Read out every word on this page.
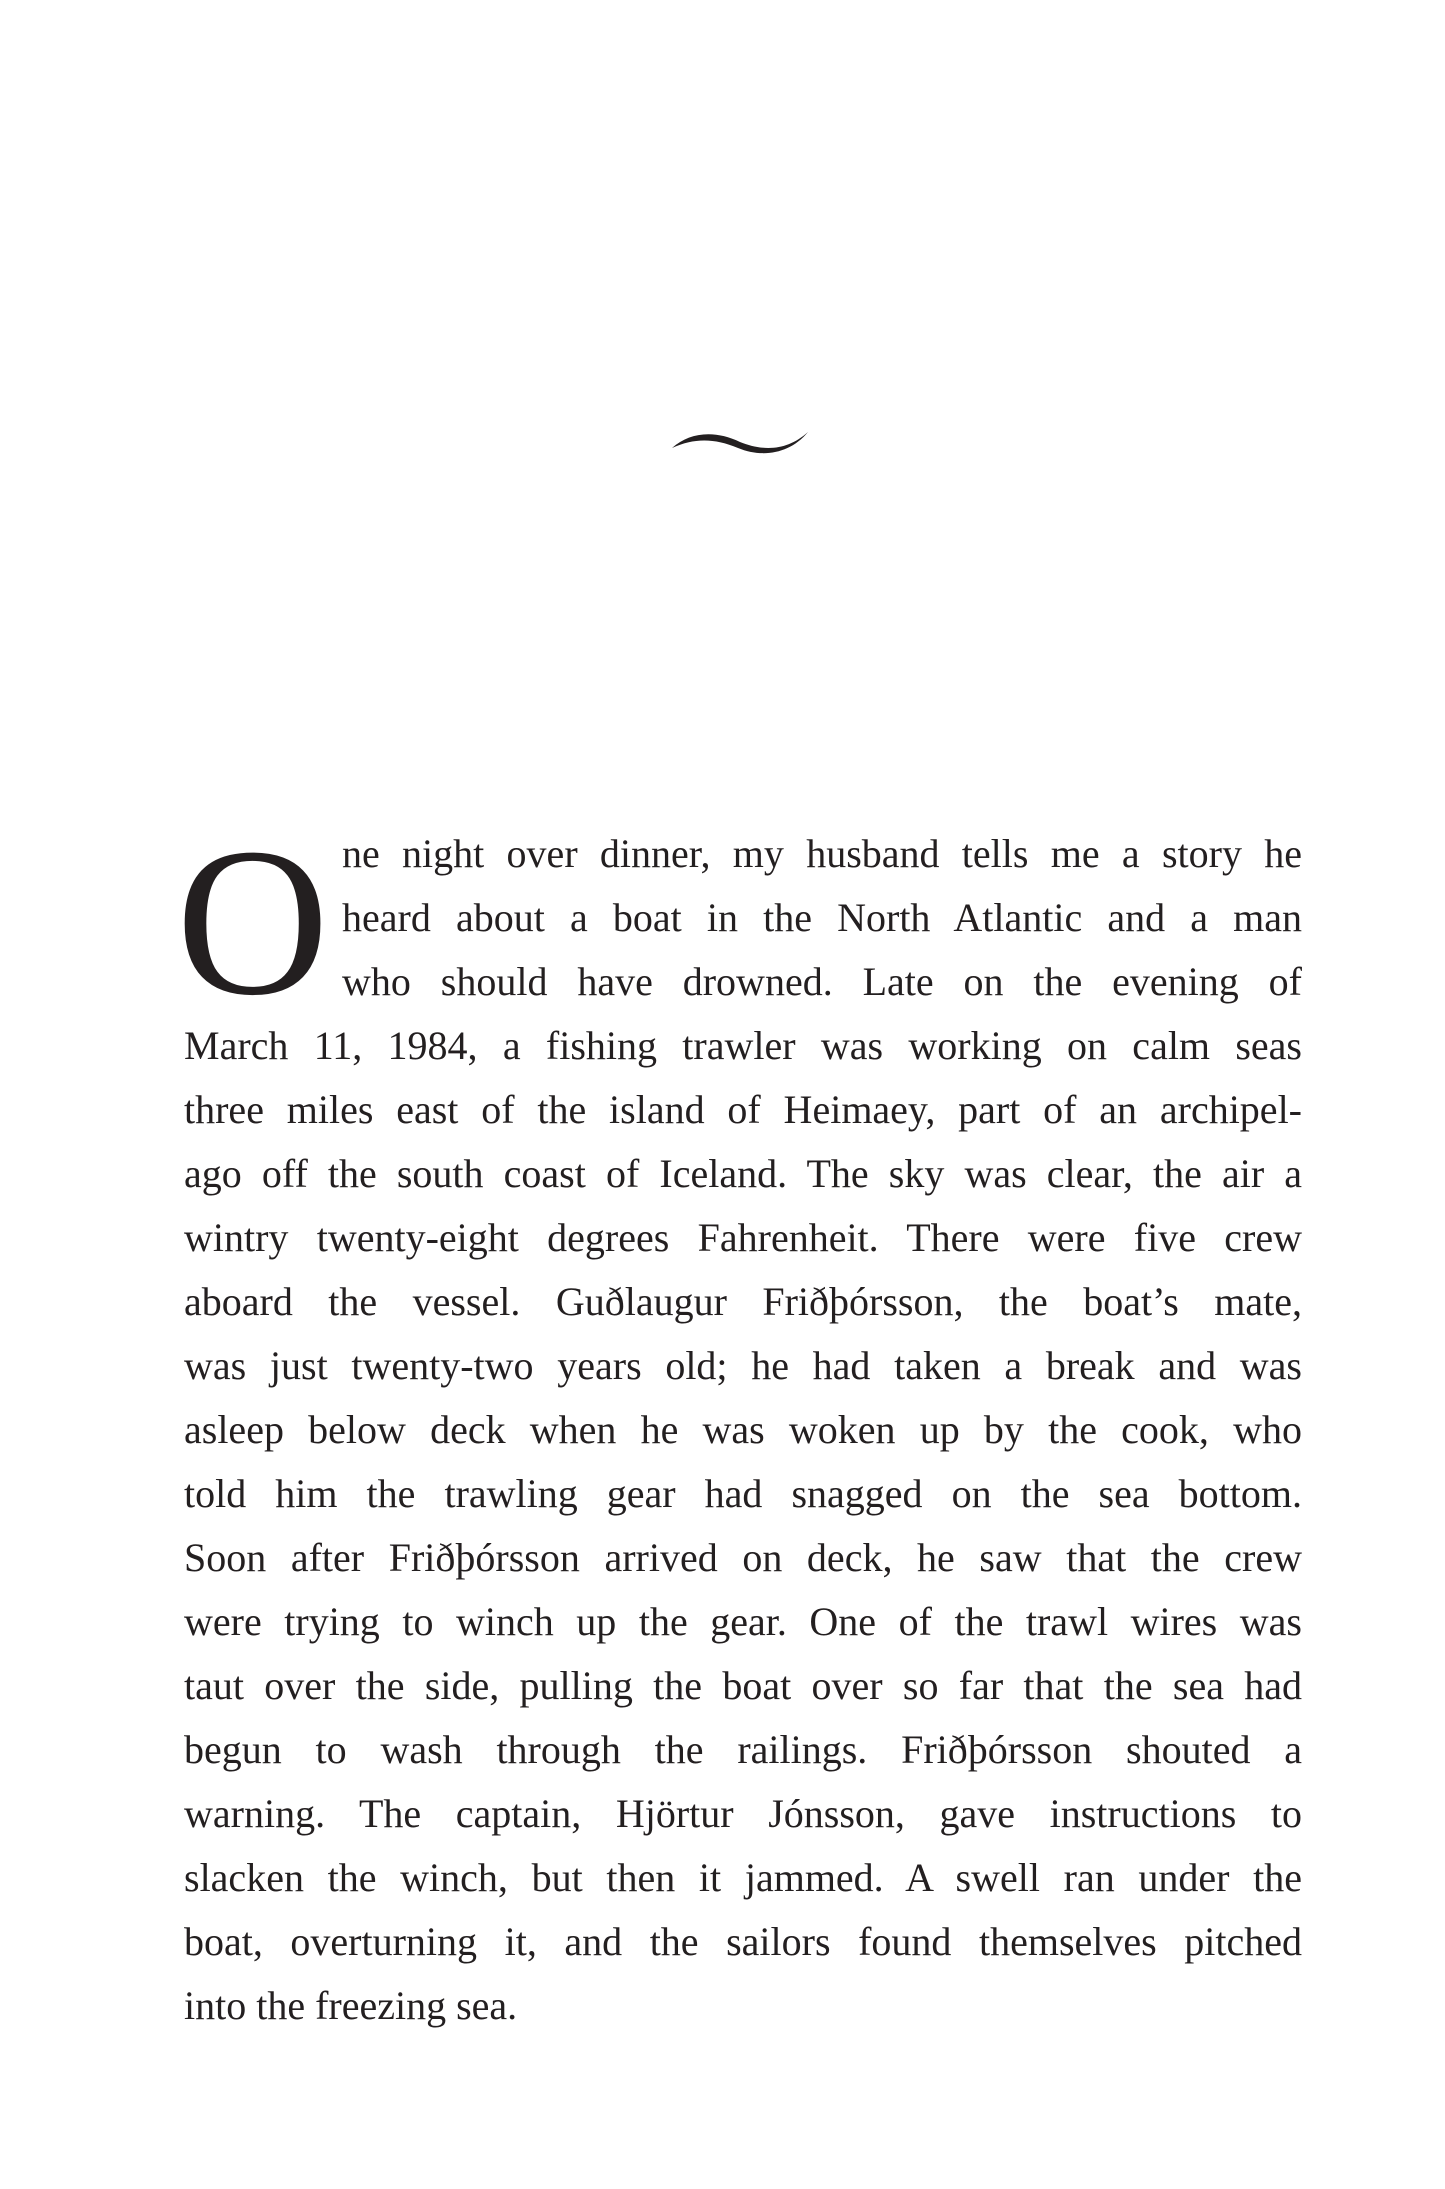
O ne night over dinner, my husband tells me a story he
heard about a boat in the North Atlantic and a man
who should have drowned. Late on the evening of
March 11, 1984, a fishing trawler was working on calm seas
three miles east of the island of Heimaey, part of an archipel-
ago off the south coast of Iceland. The sky was clear, the air a
wintry twenty-eight degrees Fahrenheit. There were five crew
aboard the vessel. Guðlaugur Friðþórsson, the boat’s mate,
was just twenty-two years old; he had taken a break and was
asleep below deck when he was woken up by the cook, who
told him the trawling gear had snagged on the sea bottom.
Soon after Friðþórsson arrived on deck, he saw that the crew
were trying to winch up the gear. One of the trawl wires was
taut over the side, pulling the boat over so far that the sea had
begun to wash through the railings. Friðþórsson shouted a
warning. The captain, Hjörtur Jónsson, gave instructions to
slacken the winch, but then it jammed. A swell ran under the
boat, overturning it, and the sailors found themselves pitched
into the freezing sea.
